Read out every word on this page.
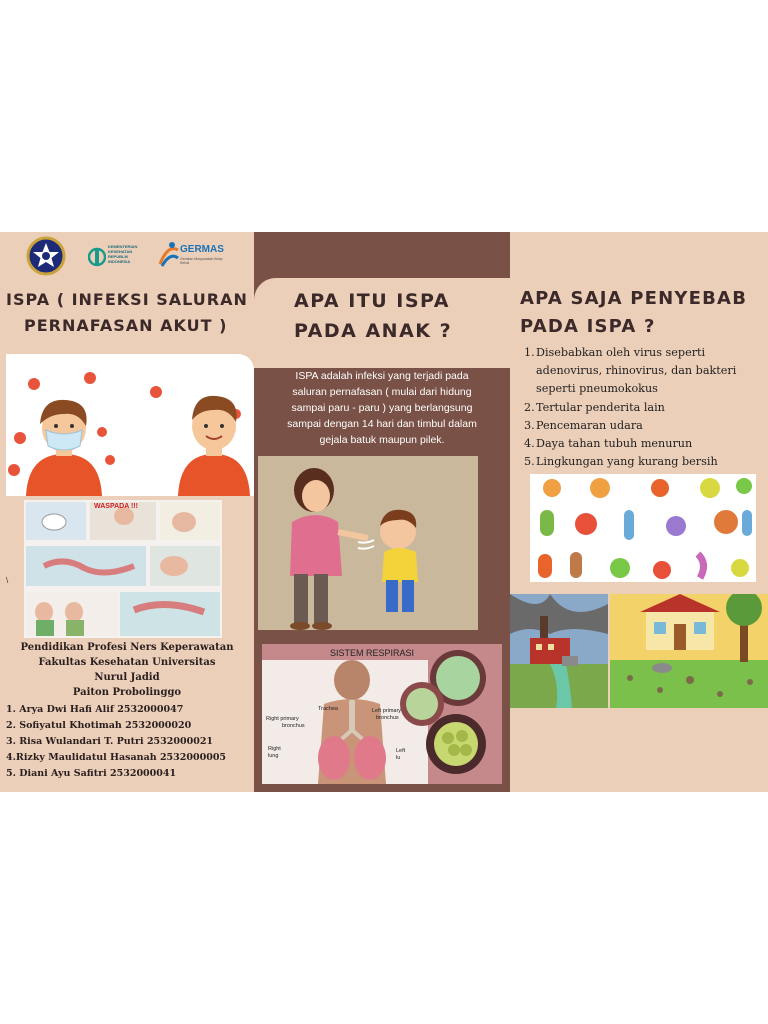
KEMENTERIAN
KESEHATAN
REPUBLIK
INDONESIA
GERMAS
Gerakan Masyarakat Hidup Sehat
ISPA ( INFEKSI SALURAN
PERNAFASAN AKUT )
WASPADA !!!
\
Pendidikan Profesi Ners Keperawatan
Fakultas Kesehatan Universitas
Nurul Jadid
Paiton Probolinggo
1. Arya Dwi Hafi Alif 2532000047
2. Sofiyatul Khotimah 2532000020
3. Risa Wulandari T. Putri 2532000021
4.Rizky Maulidatul Hasanah 2532000005
5. Diani Ayu Safitri 2532000041
APA ITU ISPA
PADA ANAK ?
ISPA adalah infeksi yang terjadi pada
saluran pernafasan ( mulai dari hidung
sampai paru - paru ) yang berlangsung
sampai dengan 14 hari dan timbul dalam
gejala batuk maupun pilek.
SISTEM RESPIRASI
Trachea
Right primary
bronchus
Left primary
bronchus
Right
lung
Left
lu
APA SAJA PENYEBAB
PADA ISPA ?
1. Disebabkan oleh virus seperti
adenovirus, rhinovirus, dan bakteri
seperti pneumokokus
2. Tertular penderita lain
3. Pencemaran udara
4. Daya tahan tubuh menurun
5. Lingkungan yang kurang bersih
